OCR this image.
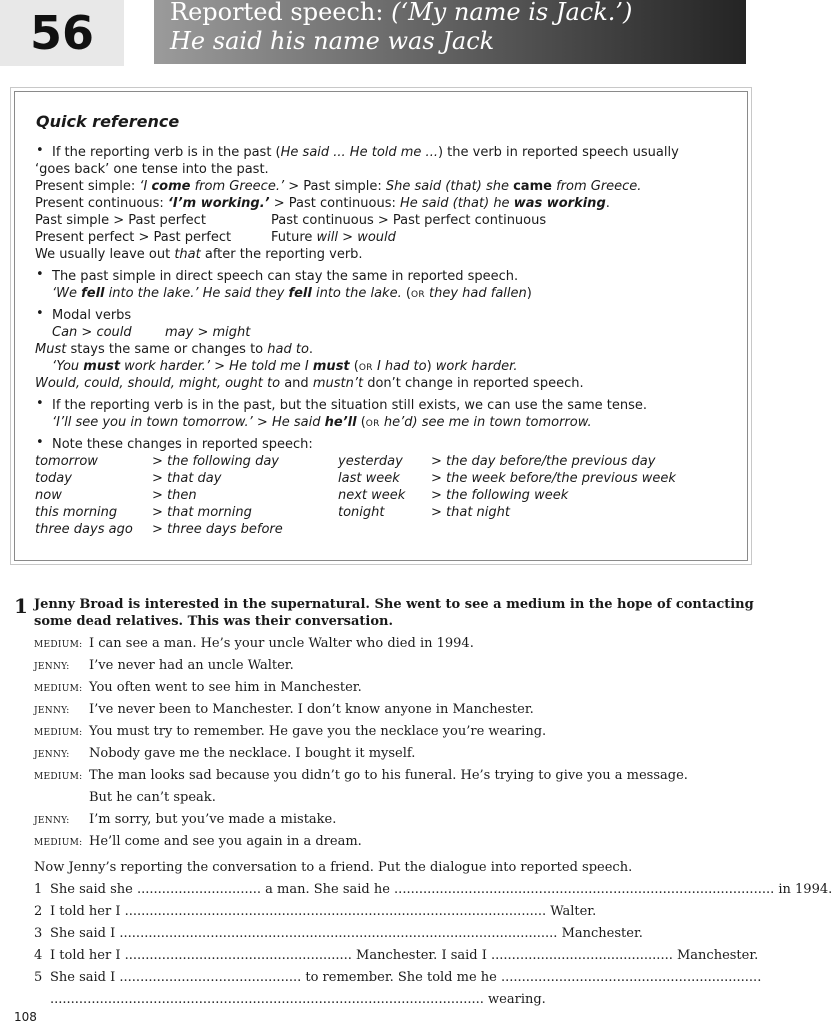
56	Reported speech: (‘My name is Jack.’)
He said his name was Jack
Quick reference
• If the reporting verb is in the past (He said ... He told me ...) the verb in reported speech usually
‘goes back’ one tense into the past.
Present simple: ‘I come from Greece.’ > Past simple: She said (that) she came from Greece.
Present continuous: ‘I’m working.’ > Past continuous: He said (that) he was working.
Past simple > Past perfect	Past continuous > Past perfect continuous
Present perfect > Past perfect	Future will > would
We usually leave out that after the reporting verb.
• The past simple in direct speech can stay the same in reported speech.
‘We fell into the lake.’ He said they fell into the lake. (OR they had fallen)
• Modal verbs
Can > could	may > might
Must stays the same or changes to had to.
‘You must work harder.’ > He told me I must (OR I had to) work harder.
Would, could, should, might, ought to and mustn’t don’t change in reported speech.
• If the reporting verb is in the past, but the situation still exists, we can use the same tense.
‘I’ll see you in town tomorrow.’ > He said he’ll (OR he’d) see me in town tomorrow.
• Note these changes in reported speech:
tomorrow	> the following day	yesterday > the day before/the previous day
today	> that day	last week > the week before/the previous week
now	> then	next week > the following week
this morning	> that morning	tonight	> that night
three days ago > three days before
1 Jenny Broad is interested in the supernatural. She went to see a medium in the hope of contacting
some dead relatives. This was their conversation.
MEDIUM: I can see a man. He’s your uncle Walter who died in 1994.
JENNY: I’ve never had an uncle Walter.
MEDIUM: You often went to see him in Manchester.
JENNY: I’ve never been to Manchester. I don’t know anyone in Manchester.
MEDIUM: You must try to remember. He gave you the necklace you’re wearing.
JENNY: Nobody gave me the necklace. I bought it myself.
MEDIUM: The man looks sad because you didn’t go to his funeral. He’s trying to give you a message.
But he can’t speak.
JENNY: I’m sorry, but you’ve made a mistake.
MEDIUM: He’ll come and see you again in a dream.
Now Jenny’s reporting the conversation to a friend. Put the dialogue into reported speech.
1 She said she .............................. a man. She said he ............................................................................................ in 1994.
2 I told her I ...................................................................................................... Walter.
3 She said I .......................................................................................................... Manchester.
4 I told her I ....................................................... Manchester. I said I ............................................ Manchester.
5 She said I ............................................ to remember. She told me he ...............................................................
......................................................................................................... wearing.
108
